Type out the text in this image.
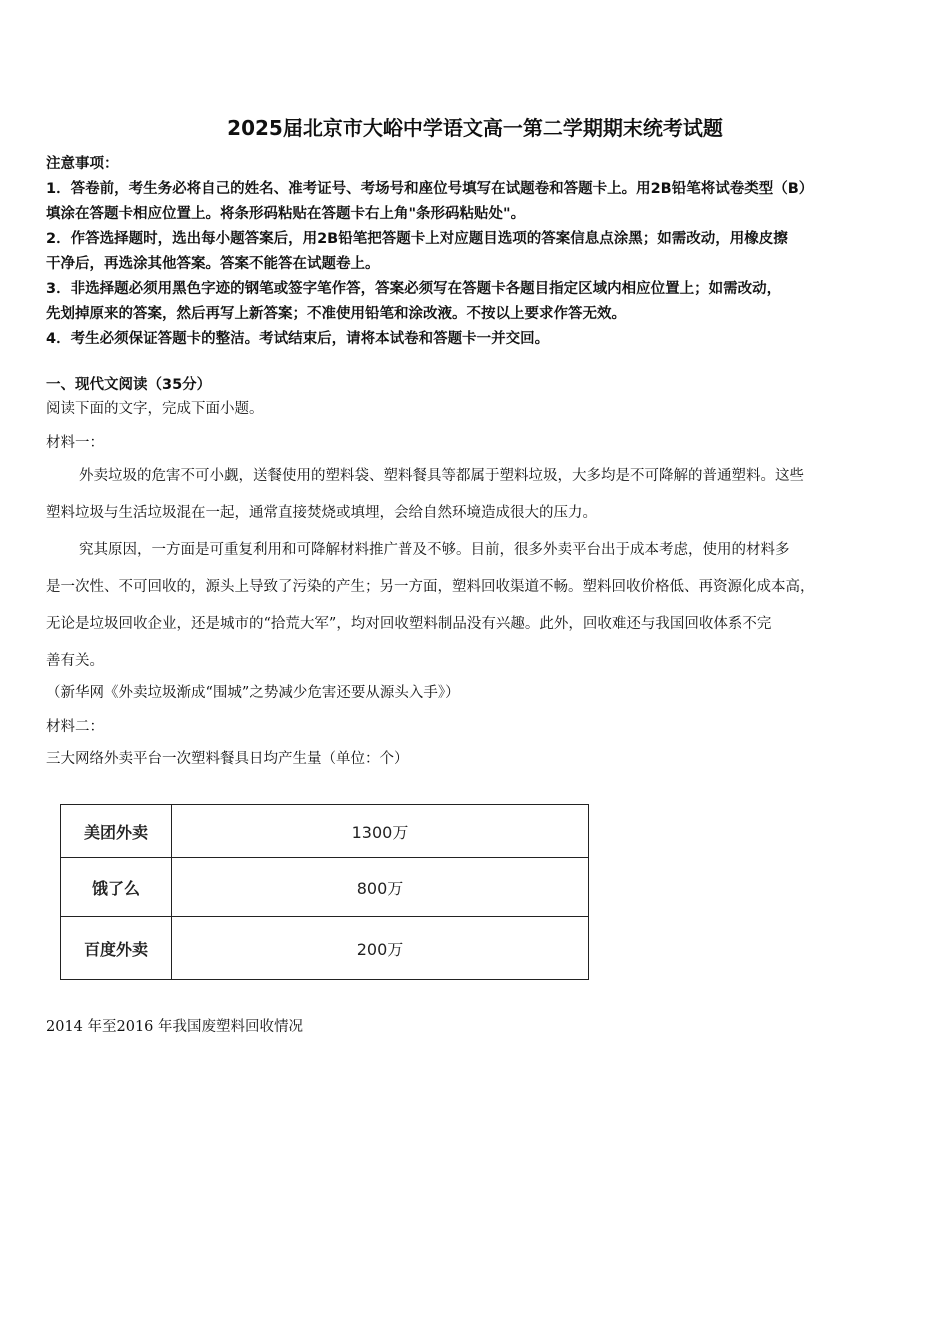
2025届北京市大峪中学语文高一第二学期期末统考试题
注意事项：
1．答卷前，考生务必将自己的姓名、准考证号、考场号和座位号填写在试题卷和答题卡上。用2B铅笔将试卷类型（B）
填涂在答题卡相应位置上。将条形码粘贴在答题卡右上角"条形码粘贴处"。
2．作答选择题时，选出每小题答案后，用2B铅笔把答题卡上对应题目选项的答案信息点涂黑；如需改动，用橡皮擦
干净后，再选涂其他答案。答案不能答在试题卷上。
3．非选择题必须用黑色字迹的钢笔或签字笔作答，答案必须写在答题卡各题目指定区域内相应位置上；如需改动，
先划掉原来的答案，然后再写上新答案；不准使用铅笔和涂改液。不按以上要求作答无效。
4．考生必须保证答题卡的整洁。考试结束后，请将本试卷和答题卡一并交回。
一、现代文阅读（35分）
阅读下面的文字，完成下面小题。
材料一：
外卖垃圾的危害不可小觑，送餐使用的塑料袋、塑料餐具等都属于塑料垃圾，大多均是不可降解的普通塑料。这些
塑料垃圾与生活垃圾混在一起，通常直接焚烧或填埋，会给自然环境造成很大的压力。
究其原因，一方面是可重复利用和可降解材料推广普及不够。目前，很多外卖平台出于成本考虑，使用的材料多
是一次性、不可回收的，源头上导致了污染的产生；另一方面，塑料回收渠道不畅。塑料回收价格低、再资源化成本高，
无论是垃圾回收企业，还是城市的“拾荒大军”，均对回收塑料制品没有兴趣。此外，回收难还与我国回收体系不完
善有关。
（新华网《外卖垃圾渐成“围城”之势减少危害还要从源头入手》）
材料二：
三大网络外卖平台一次塑料餐具日均产生量（单位：个）
美团外卖	1300万
饿了么	800万
百度外卖	200万
2014 年至2016 年我国废塑料回收情况
